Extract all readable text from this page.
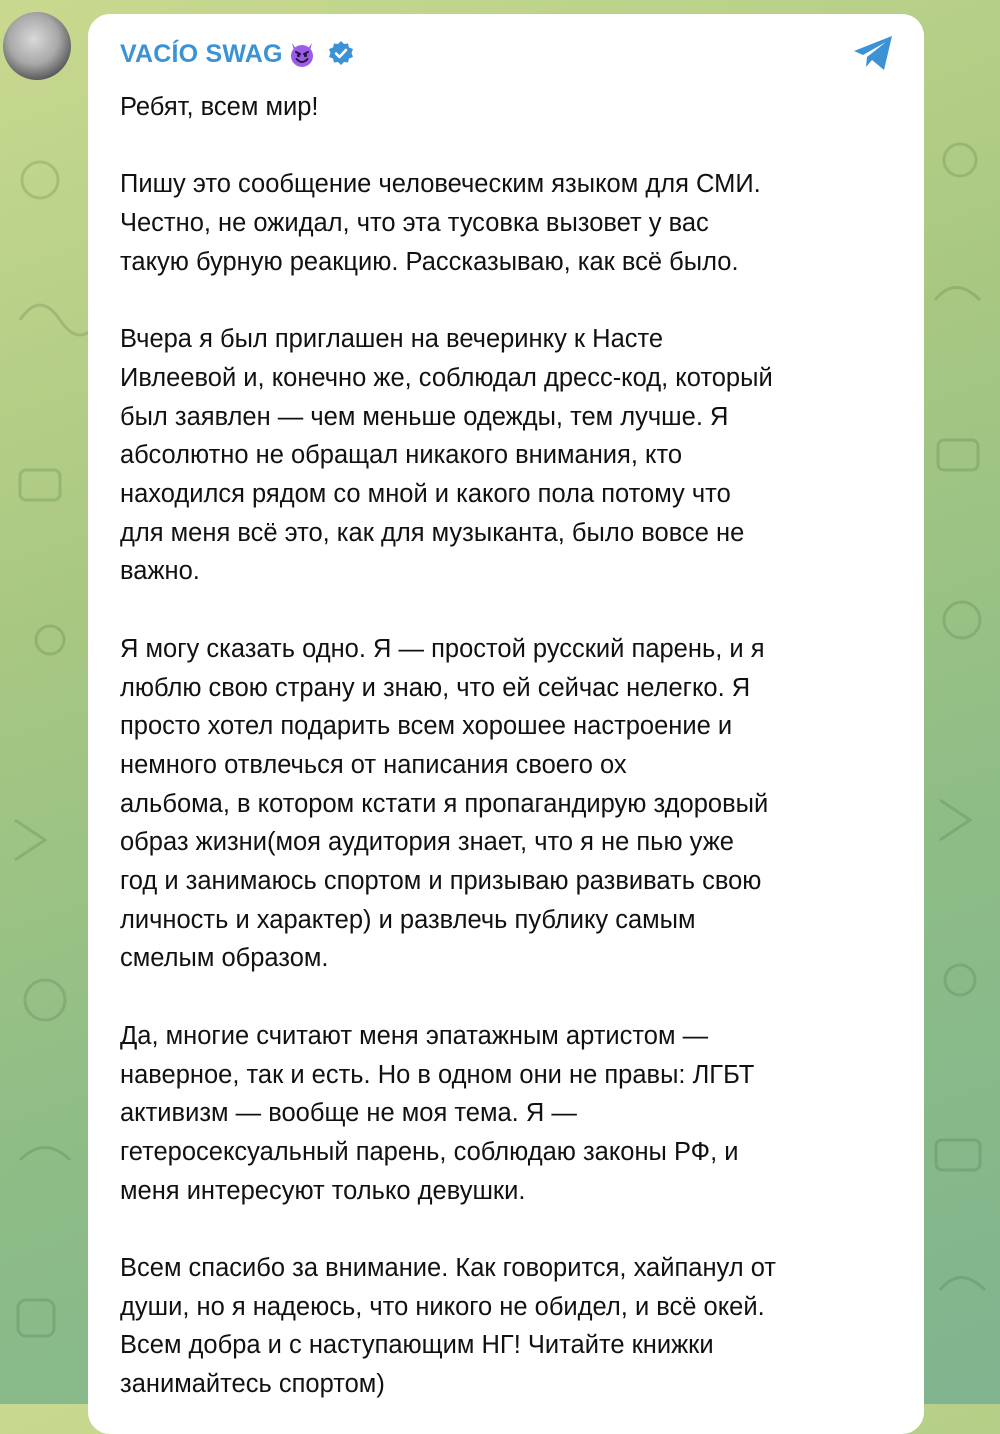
VACÍO SWAG

Ребят, всем мир!

Пишу это сообщение человеческим языком для СМИ.
Честно, не ожидал, что эта тусовка вызовет у вас
такую бурную реакцию. Рассказываю, как всё было.

Вчера я был приглашен на вечеринку к Насте
Ивлеевой и, конечно же, соблюдал дресс-код, который
был заявлен — чем меньше одежды, тем лучше. Я
абсолютно не обращал никакого внимания, кто
находился рядом со мной и какого пола потому что
для меня всё это, как для музыканта, было вовсе не
важно.

Я могу сказать одно. Я — простой русский парень, и я
люблю свою страну и знаю, что ей сейчас нелегко. Я
просто хотел подарить всем хорошее настроение и
немного отвлечься от написания своего ох
альбома, в котором кстати я пропагандирую здоровый
образ жизни(моя аудитория знает, что я не пью уже
год и занимаюсь спортом и призываю развивать свою
личность и характер) и развлечь публику самым
смелым образом.

Да, многие считают меня эпатажным артистом —
наверное, так и есть. Но в одном они не правы: ЛГБТ
активизм — вообще не моя тема. Я —
гетеросексуальный парень, соблюдаю законы РФ, и
меня интересуют только девушки.

Всем спасибо за внимание. Как говорится, хайпанул от
души, но я надеюсь, что никого не обидел, и всё окей.
Всем добра и с наступающим НГ! Читайте книжки
занимайтесь спортом)
